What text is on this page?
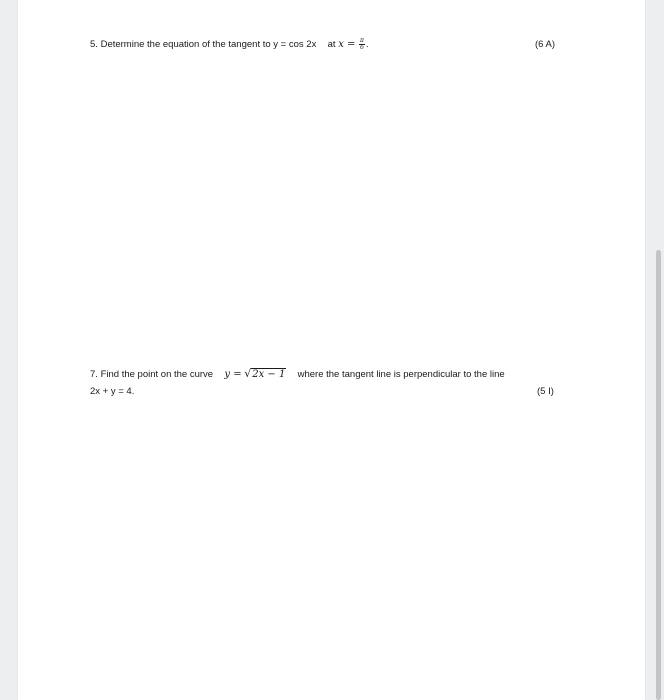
5. Determine the equation of the tangent to y = cos 2x at $x = \frac{\pi}{6}$ .	(6 A)
7. Find the point on the curve y = √2x − 1 where the tangent line is perpendicular to the line
2x + y = 4.	(5 I)
